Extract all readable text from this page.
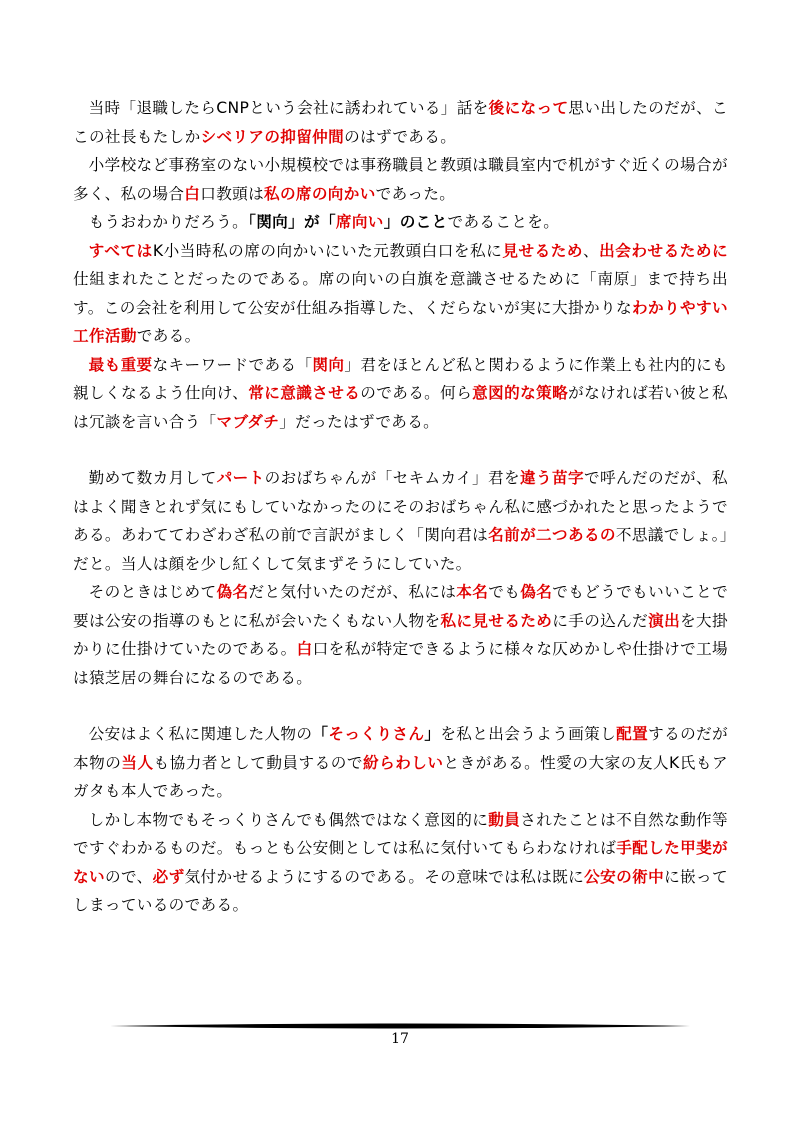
当時「退職したらCNPという会社に誘われている」話を後になって思い出したのだが、ここの社長もたしかシベリアの抑留仲間のはずである。

小学校など事務室のない小規模校では事務職員と教頭は職員室内で机がすぐ近くの場合が多く、私の場合白口教頭は私の席の向かいであった。

もうおわかりだろう。「関向」が「席向い」のことであることを。

すべてはK小当時私の席の向かいにいた元教頭白口を私に見せるため、出会わせるために仕組まれたことだったのである。席の向いの白旗を意識させるために「南原」まで持ち出す。この会社を利用して公安が仕組み指導した、くだらないが実に大掛かりなわかりやすい工作活動である。

最も重要なキーワードである「関向」君をほとんど私と関わるように作業上も社内的にも親しくなるよう仕向け、常に意識させるのである。何ら意図的な策略がなければ若い彼と私は冗談を言い合う「マブダチ」だったはずである。

勤めて数カ月してパートのおばちゃんが「セキムカイ」君を違う苗字で呼んだのだが、私はよく聞きとれず気にもしていなかったのにそのおばちゃん私に感づかれたと思ったようである。あわててわざわざ私の前で言訳がましく「関向君は名前が二つあるの不思議でしょ。」だと。当人は顔を少し紅くして気まずそうにしていた。

そのときはじめて偽名だと気付いたのだが、私には本名でも偽名でもどうでもいいことで要は公安の指導のもとに私が会いたくもない人物を私に見せるために手の込んだ演出を大掛かりに仕掛けていたのである。白口を私が特定できるように様々な仄めかしや仕掛けで工場は猿芝居の舞台になるのである。

公安はよく私に関連した人物の「そっくりさん」を私と出会うよう画策し配置するのだが本物の当人も協力者として動員するので紛らわしいときがある。性愛の大家の友人K氏もアガタも本人であった。

しかし本物でもそっくりさんでも偶然ではなく意図的に動員されたことは不自然な動作等ですぐわかるものだ。もっとも公安側としては私に気付いてもらわなければ手配した甲斐がないので、必ず気付かせるようにするのである。その意味では私は既に公安の術中に嵌ってしまっているのである。

17
